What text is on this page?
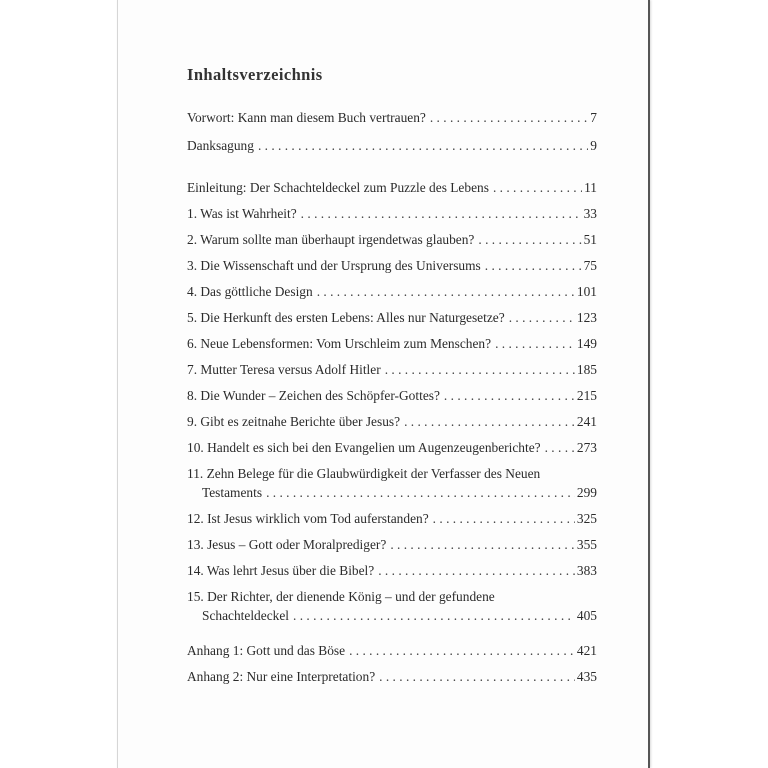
Inhaltsverzeichnis
Vorwort: Kann man diesem Buch vertrauen? . . .	7
Danksagung . . .	9
Einleitung: Der Schachteldeckel zum Puzzle des Lebens . . .	11
1. Was ist Wahrheit? . . .	33
2. Warum sollte man überhaupt irgendetwas glauben? . . .	51
3. Die Wissenschaft und der Ursprung des Universums . . .	75
4. Das göttliche Design . . .	101
5. Die Herkunft des ersten Lebens: Alles nur Naturgesetze? . . .	123
6. Neue Lebensformen: Vom Urschleim zum Menschen? . . .	149
7. Mutter Teresa versus Adolf Hitler . . .	185
8. Die Wunder – Zeichen des Schöpfer-Gottes? . . .	215
9. Gibt es zeitnahe Berichte über Jesus? . . .	241
10. Handelt es sich bei den Evangelien um Augenzeugenberichte? . . .	273
11. Zehn Belege für die Glaubwürdigkeit der Verfasser des Neuen
Testaments . . .	299
12. Ist Jesus wirklich vom Tod auferstanden? . . .	325
13. Jesus – Gott oder Moralprediger? . . .	355
14. Was lehrt Jesus über die Bibel? . . .	383
15. Der Richter, der dienende König – und der gefundene
Schachteldeckel . . .	405
Anhang 1: Gott und das Böse . . .	421
Anhang 2: Nur eine Interpretation? . . .	435
